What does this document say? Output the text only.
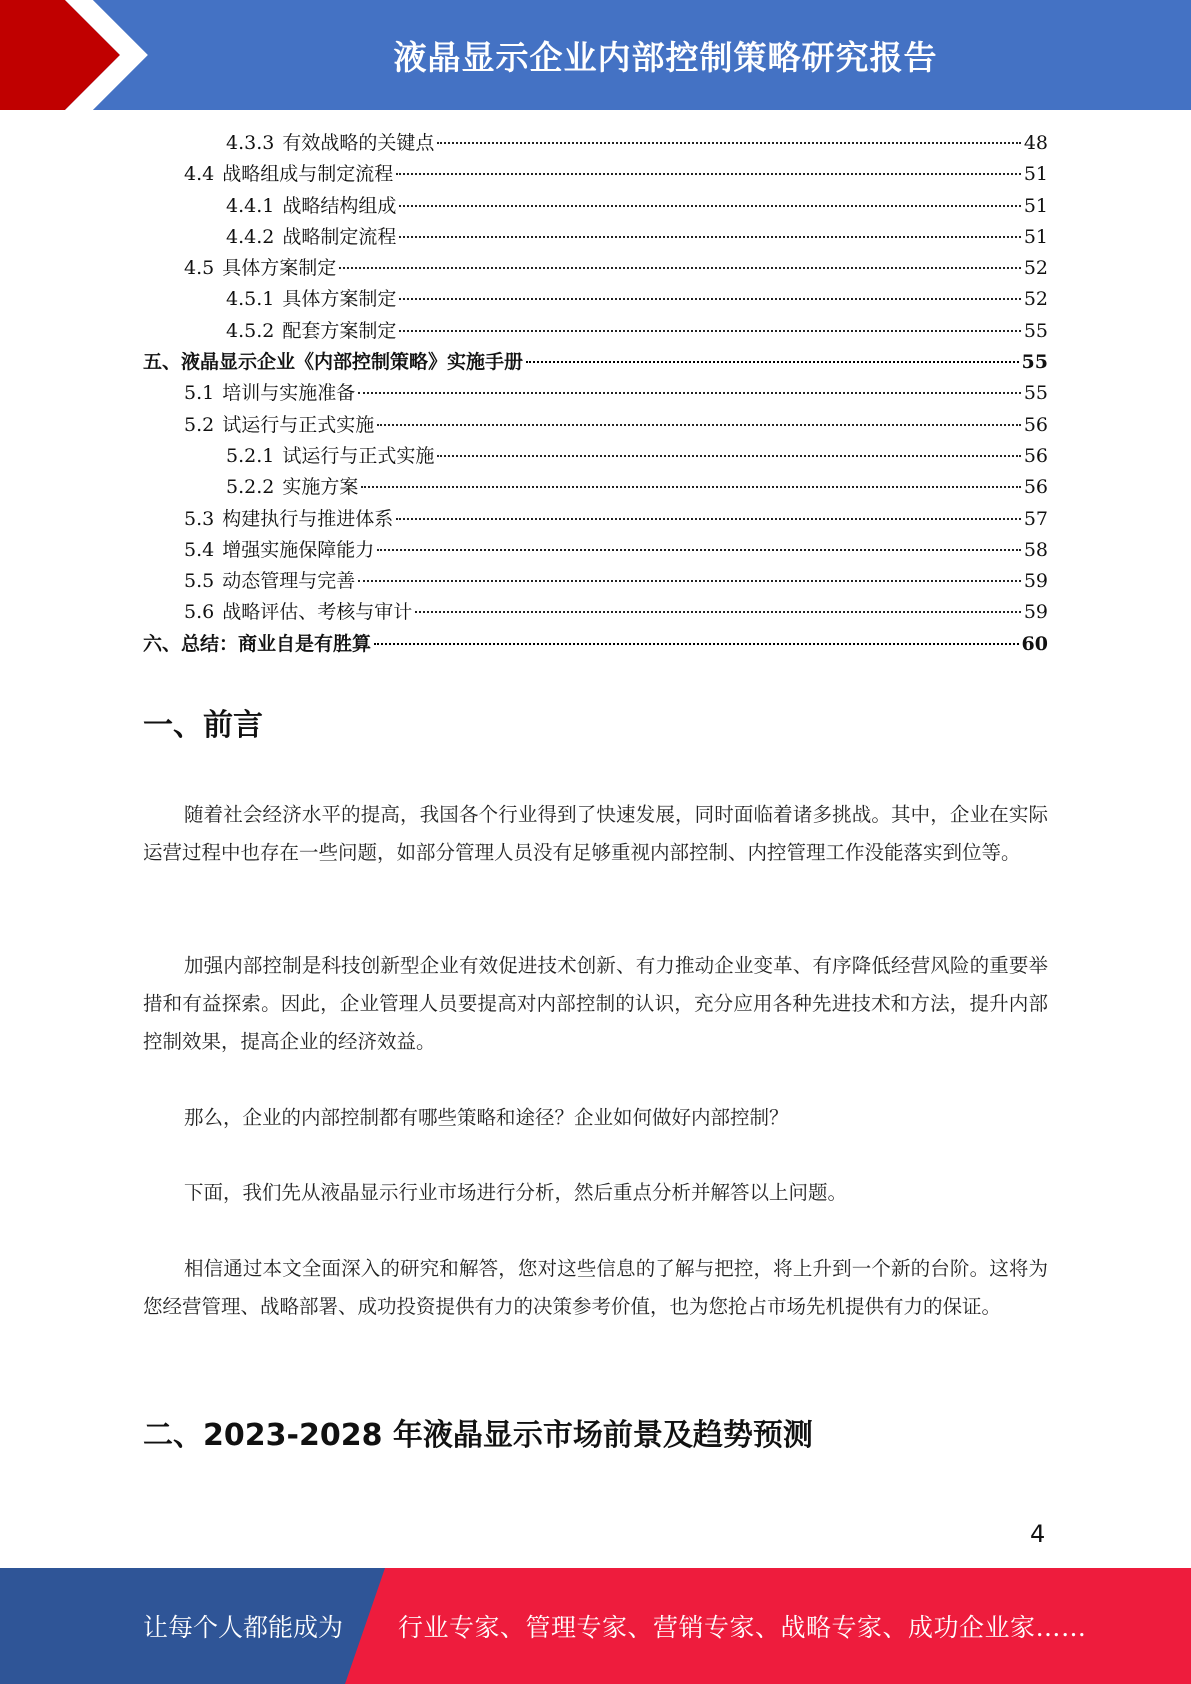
液晶显示企业内部控制策略研究报告
4.3.3 有效战略的关键点	48
4.4 战略组成与制定流程	51
4.4.1 战略结构组成	51
4.4.2 战略制定流程	51
4.5 具体方案制定	52
4.5.1 具体方案制定	52
4.5.2 配套方案制定	55
五、液晶显示企业《内部控制策略》实施手册	55
5.1 培训与实施准备	55
5.2 试运行与正式实施	56
5.2.1 试运行与正式实施	56
5.2.2 实施方案	56
5.3 构建执行与推进体系	57
5.4 增强实施保障能力	58
5.5 动态管理与完善	59
5.6 战略评估、考核与审计	59
六、总结：商业自是有胜算	60
一、前言
随着社会经济水平的提高，我国各个行业得到了快速发展，同时面临着诸多挑战。其中，企业在实际运营过程中也存在一些问题，如部分管理人员没有足够重视内部控制、内控管理工作没能落实到位等。
加强内部控制是科技创新型企业有效促进技术创新、有力推动企业变革、有序降低经营风险的重要举措和有益探索。因此，企业管理人员要提高对内部控制的认识，充分应用各种先进技术和方法，提升内部控制效果，提高企业的经济效益。
那么，企业的内部控制都有哪些策略和途径？企业如何做好内部控制？
下面，我们先从液晶显示行业市场进行分析，然后重点分析并解答以上问题。
相信通过本文全面深入的研究和解答，您对这些信息的了解与把控，将上升到一个新的台阶。这将为您经营管理、战略部署、成功投资提供有力的决策参考价值，也为您抢占市场先机提供有力的保证。
二、2023-2028 年液晶显示市场前景及趋势预测
4
让每个人都能成为 行业专家、管理专家、营销专家、战略专家、成功企业家……
